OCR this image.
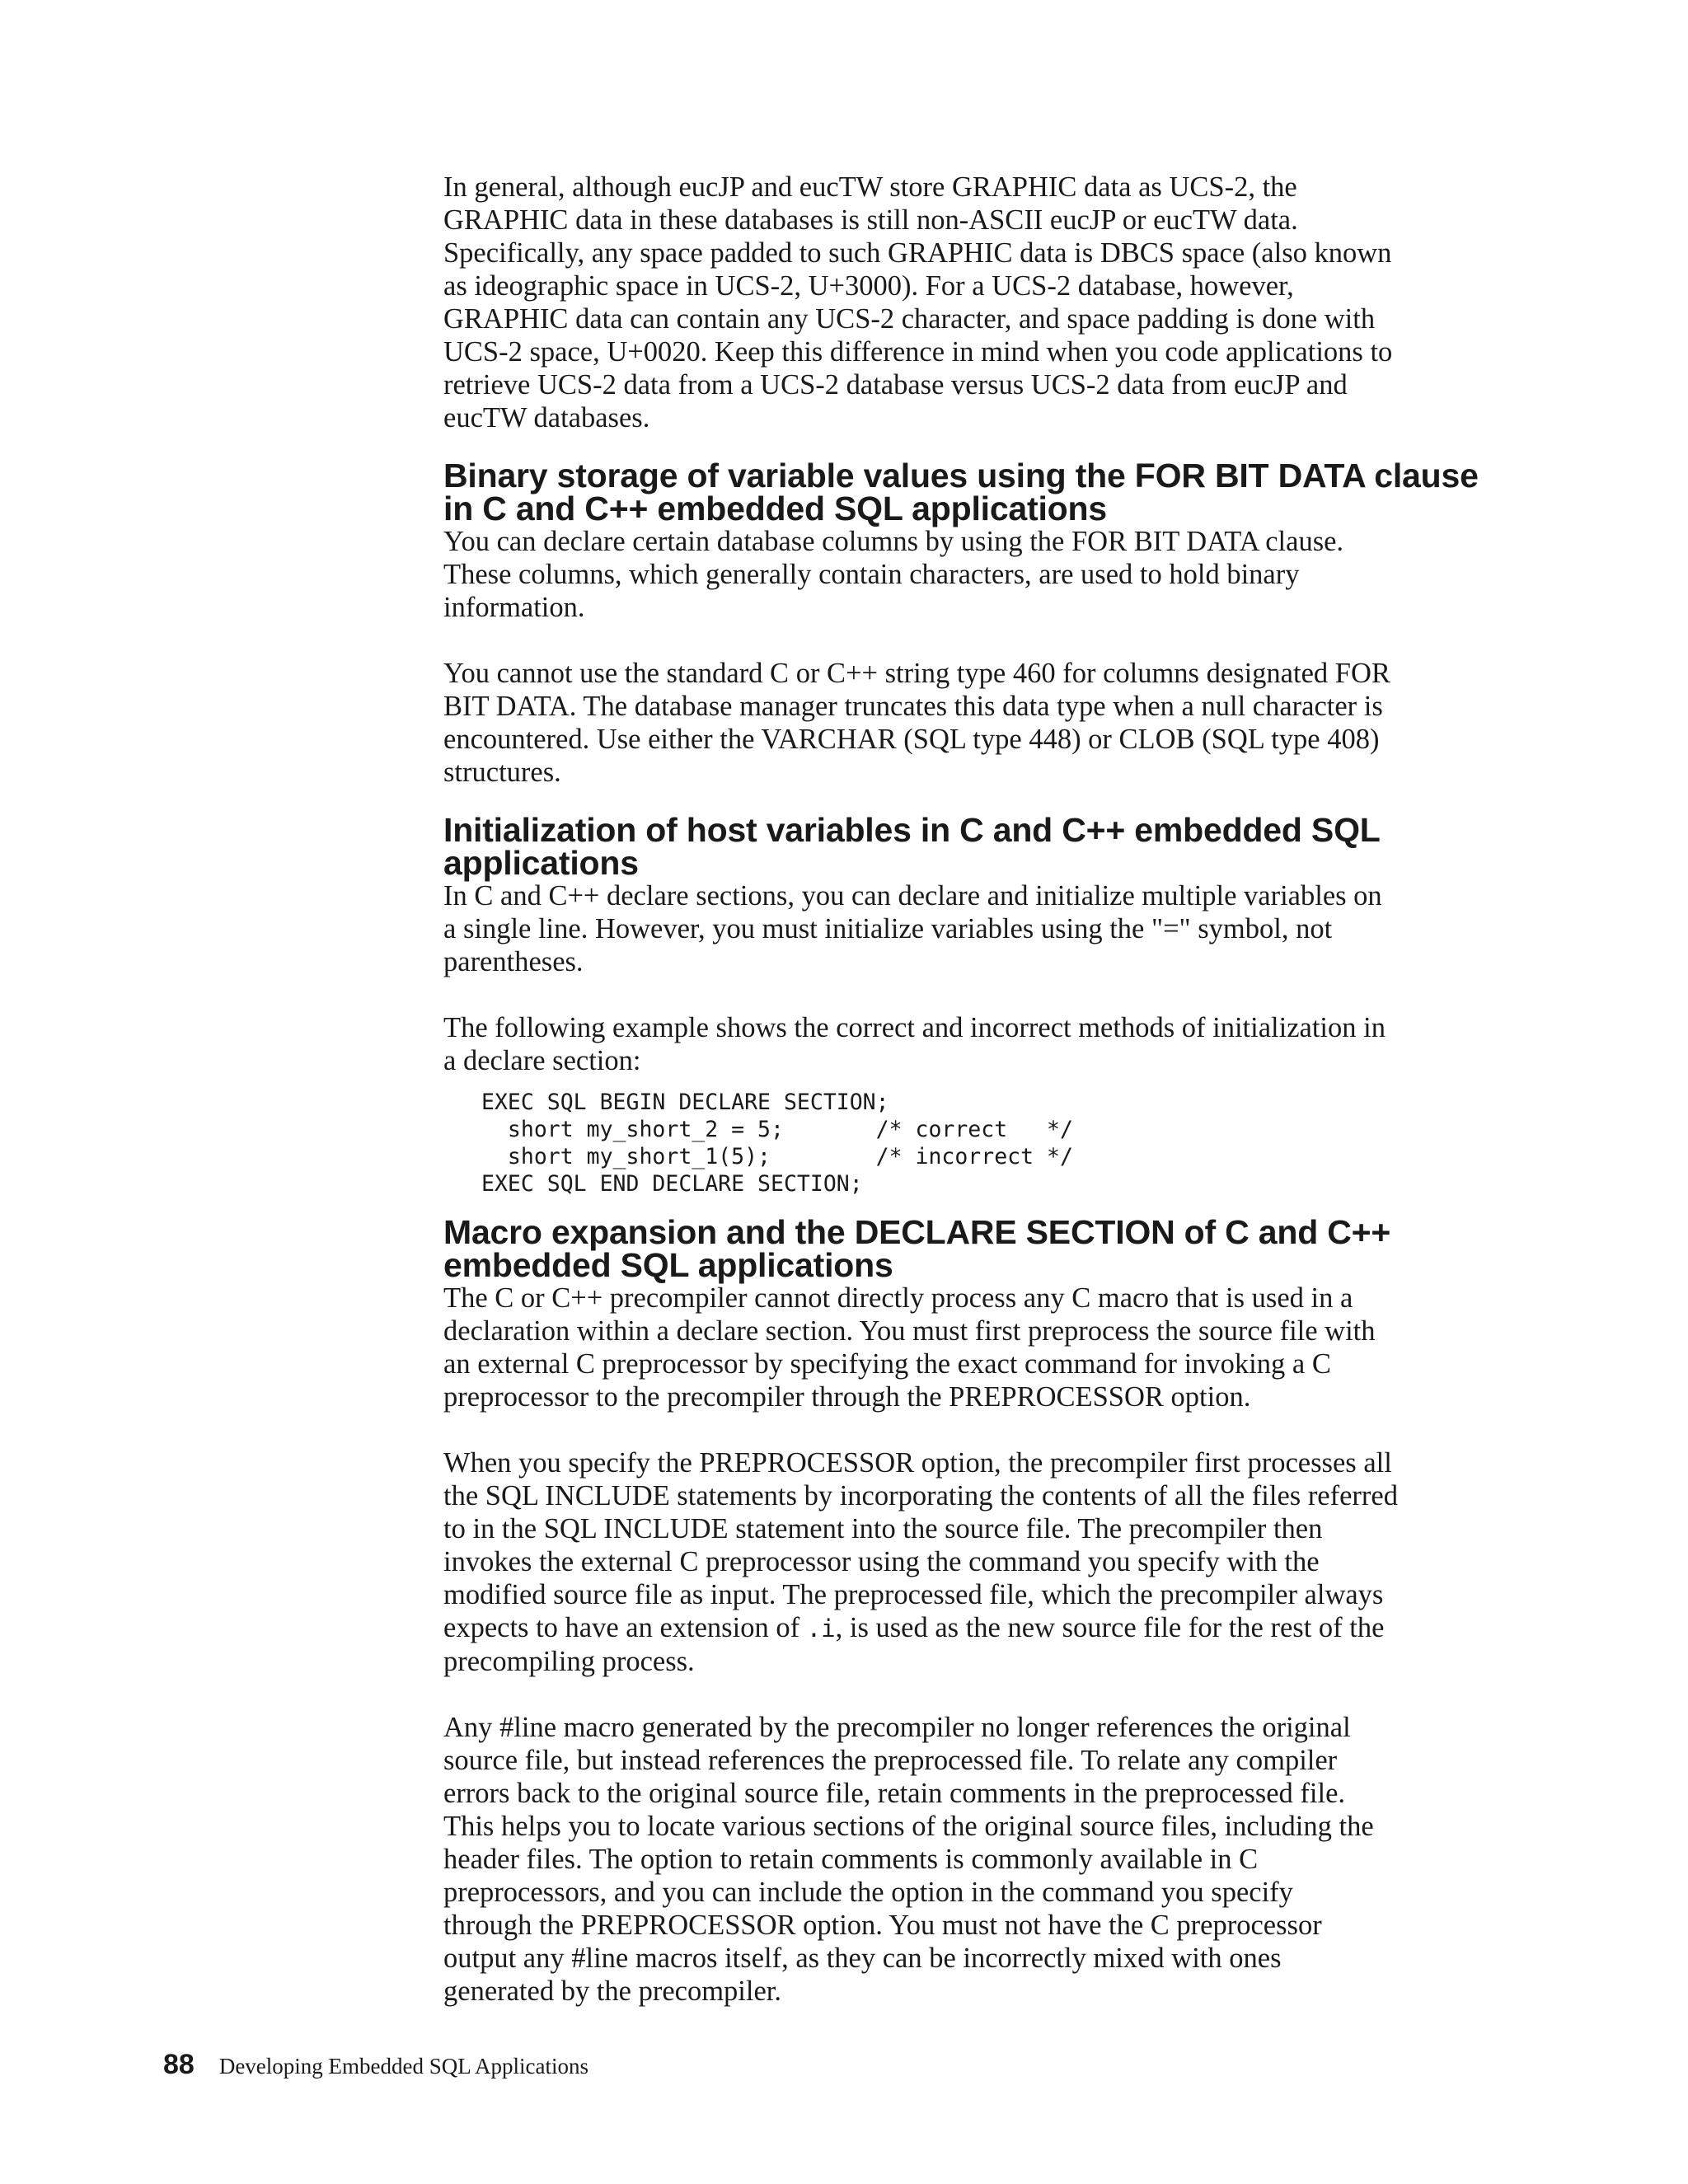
In general, although eucJP and eucTW store GRAPHIC data as UCS-2, the
GRAPHIC data in these databases is still non-ASCII eucJP or eucTW data.
Specifically, any space padded to such GRAPHIC data is DBCS space (also known
as ideographic space in UCS-2, U+3000). For a UCS-2 database, however,
GRAPHIC data can contain any UCS-2 character, and space padding is done with
UCS-2 space, U+0020. Keep this difference in mind when you code applications to
retrieve UCS-2 data from a UCS-2 database versus UCS-2 data from eucJP and
eucTW databases.

Binary storage of variable values using the FOR BIT DATA clause
in C and C++ embedded SQL applications

You can declare certain database columns by using the FOR BIT DATA clause.
These columns, which generally contain characters, are used to hold binary
information.

You cannot use the standard C or C++ string type 460 for columns designated FOR
BIT DATA. The database manager truncates this data type when a null character is
encountered. Use either the VARCHAR (SQL type 448) or CLOB (SQL type 408)
structures.

Initialization of host variables in C and C++ embedded SQL
applications

In C and C++ declare sections, you can declare and initialize multiple variables on
a single line. However, you must initialize variables using the "=" symbol, not
parentheses.

The following example shows the correct and incorrect methods of initialization in
a declare section:

EXEC SQL BEGIN DECLARE SECTION;
short my_short_2 = 5;       /* correct   */
short my_short_1(5);        /* incorrect */
EXEC SQL END DECLARE SECTION;
Macro expansion and the DECLARE SECTION of C and C++
embedded SQL applications

The C or C++ precompiler cannot directly process any C macro that is used in a
declaration within a declare section. You must first preprocess the source file with
an external C preprocessor by specifying the exact command for invoking a C
preprocessor to the precompiler through the PREPROCESSOR option.

When you specify the PREPROCESSOR option, the precompiler first processes all
the SQL INCLUDE statements by incorporating the contents of all the files referred
to in the SQL INCLUDE statement into the source file. The precompiler then
invokes the external C preprocessor using the command you specify with the
modified source file as input. The preprocessed file, which the precompiler always
expects to have an extension of .i, is used as the new source file for the rest of the
precompiling process.

Any #line macro generated by the precompiler no longer references the original
source file, but instead references the preprocessed file. To relate any compiler
errors back to the original source file, retain comments in the preprocessed file.
This helps you to locate various sections of the original source files, including the
header files. The option to retain comments is commonly available in C
preprocessors, and you can include the option in the command you specify
through the PREPROCESSOR option. You must not have the C preprocessor
output any #line macros itself, as they can be incorrectly mixed with ones
generated by the precompiler.

88 Developing Embedded SQL Applications
